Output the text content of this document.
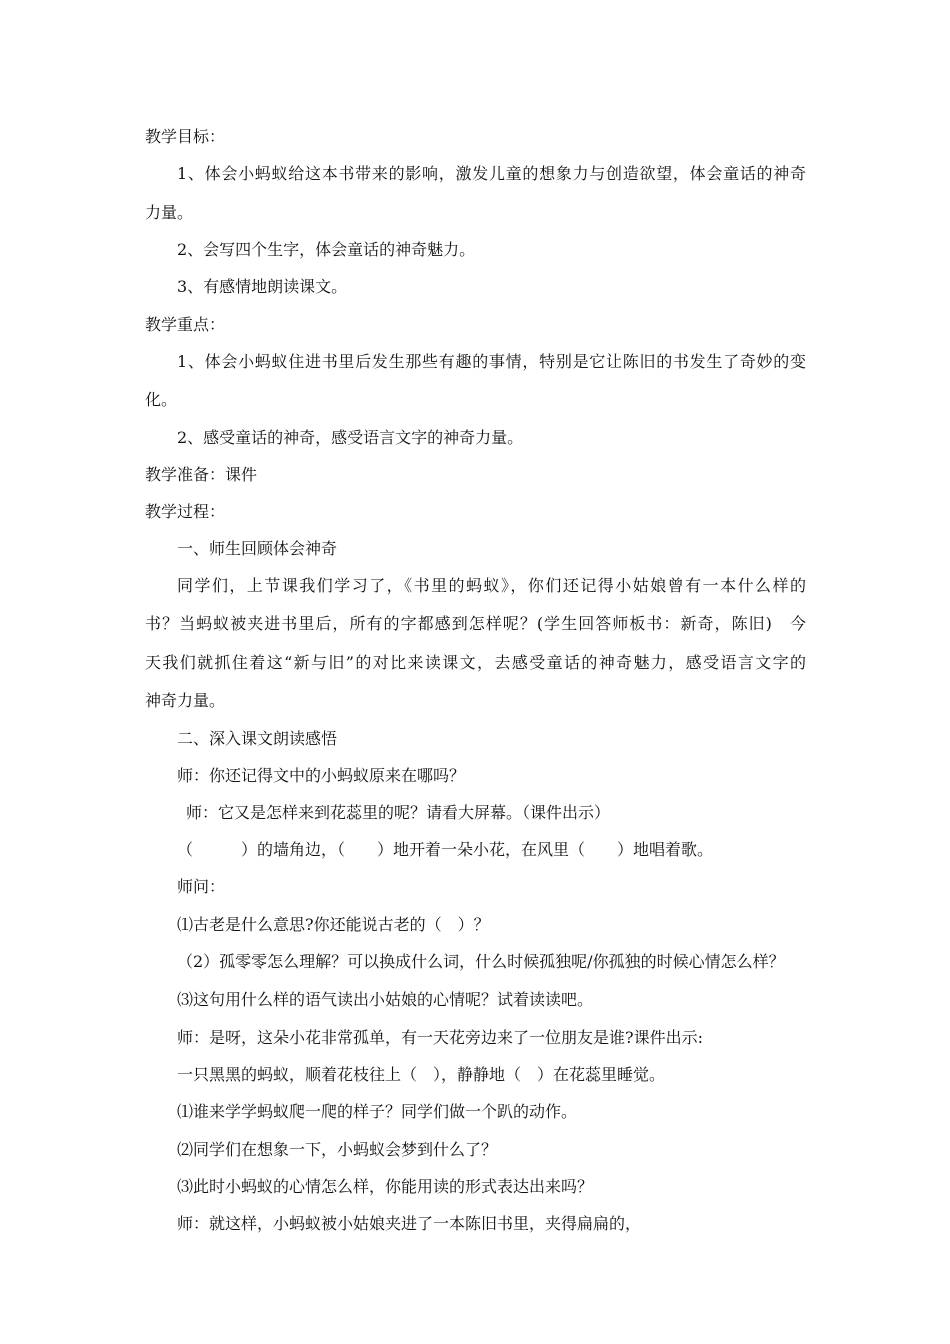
教学目标：
1、体会小蚂蚁给这本书带来的影响，激发儿童的想象力与创造欲望，体会童话的神奇
力量。
2、会写四个生字，体会童话的神奇魅力。
3、有感情地朗读课文。
教学重点：
1、体会小蚂蚁住进书里后发生那些有趣的事情，特别是它让陈旧的书发生了奇妙的变
化。
2、感受童话的神奇，感受语言文字的神奇力量。
教学准备：课件
教学过程：
一、师生回顾体会神奇
同学们，上节课我们学习了，《书里的蚂蚁》，你们还记得小姑娘曾有一本什么样的
书？当蚂蚁被夹进书里后，所有的字都感到怎样呢？(学生回答师板书：新奇，陈旧)　今
天我们就抓住着这“新与旧”的对比来读课文，去感受童话的神奇魅力，感受语言文字的
神奇力量。
二、深入课文朗读感悟
师：你还记得文中的小蚂蚁原来在哪吗？
师：它又是怎样来到花蕊里的呢？请看大屏幕。（课件出示）
（　　　）的墙角边，（　　）地开着一朵小花，在风里（　　）地唱着歌。
师问：
⑴古老是什么意思?你还能说古老的（　）？
（2）孤零零怎么理解？可以换成什么词，什么时候孤独呢/你孤独的时候心情怎么样？
⑶这句用什么样的语气读出小姑娘的心情呢？试着读读吧。
师：是呀，这朵小花非常孤单，有一天花旁边来了一位朋友是谁?课件出示:
一只黑黑的蚂蚁，顺着花枝往上（　），静静地（　）在花蕊里睡觉。
⑴谁来学学蚂蚁爬一爬的样子？同学们做一个趴的动作。
⑵同学们在想象一下，小蚂蚁会梦到什么了？
⑶此时小蚂蚁的心情怎么样，你能用读的形式表达出来吗？
师：就这样，小蚂蚁被小姑娘夹进了一本陈旧书里，夹得扁扁的，
